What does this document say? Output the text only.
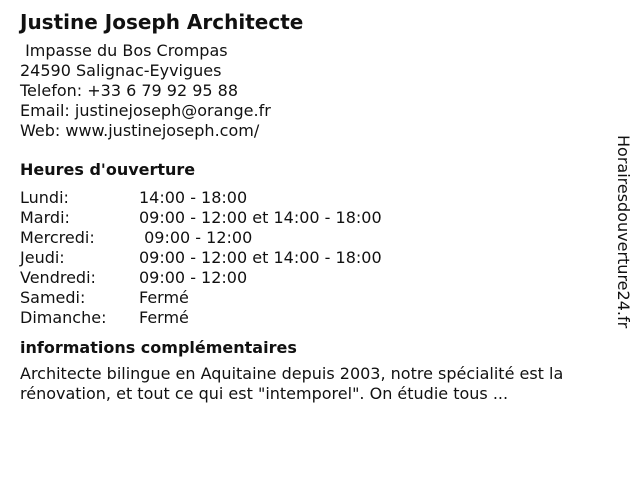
Justine Joseph Architecte
Impasse du Bos Crompas
24590 Salignac-Eyvigues
Telefon: +33 6 79 92 95 88
Email: justinejoseph@orange.fr
Web: www.justinejoseph.com/
Heures d'ouverture
Lundi:	14:00 - 18:00
Mardi:	09:00 - 12:00 et 14:00 - 18:00
Mercredi:	09:00 - 12:00
Jeudi:	09:00 - 12:00 et 14:00 - 18:00
Vendredi:	09:00 - 12:00
Samedi:	Fermé
Dimanche:	Fermé
informations complémentaires
Architecte bilingue en Aquitaine depuis 2003, notre spécialité est la rénovation, et tout ce qui est "intemporel". On étudie tous ...
Horairesdouverture24.fr
